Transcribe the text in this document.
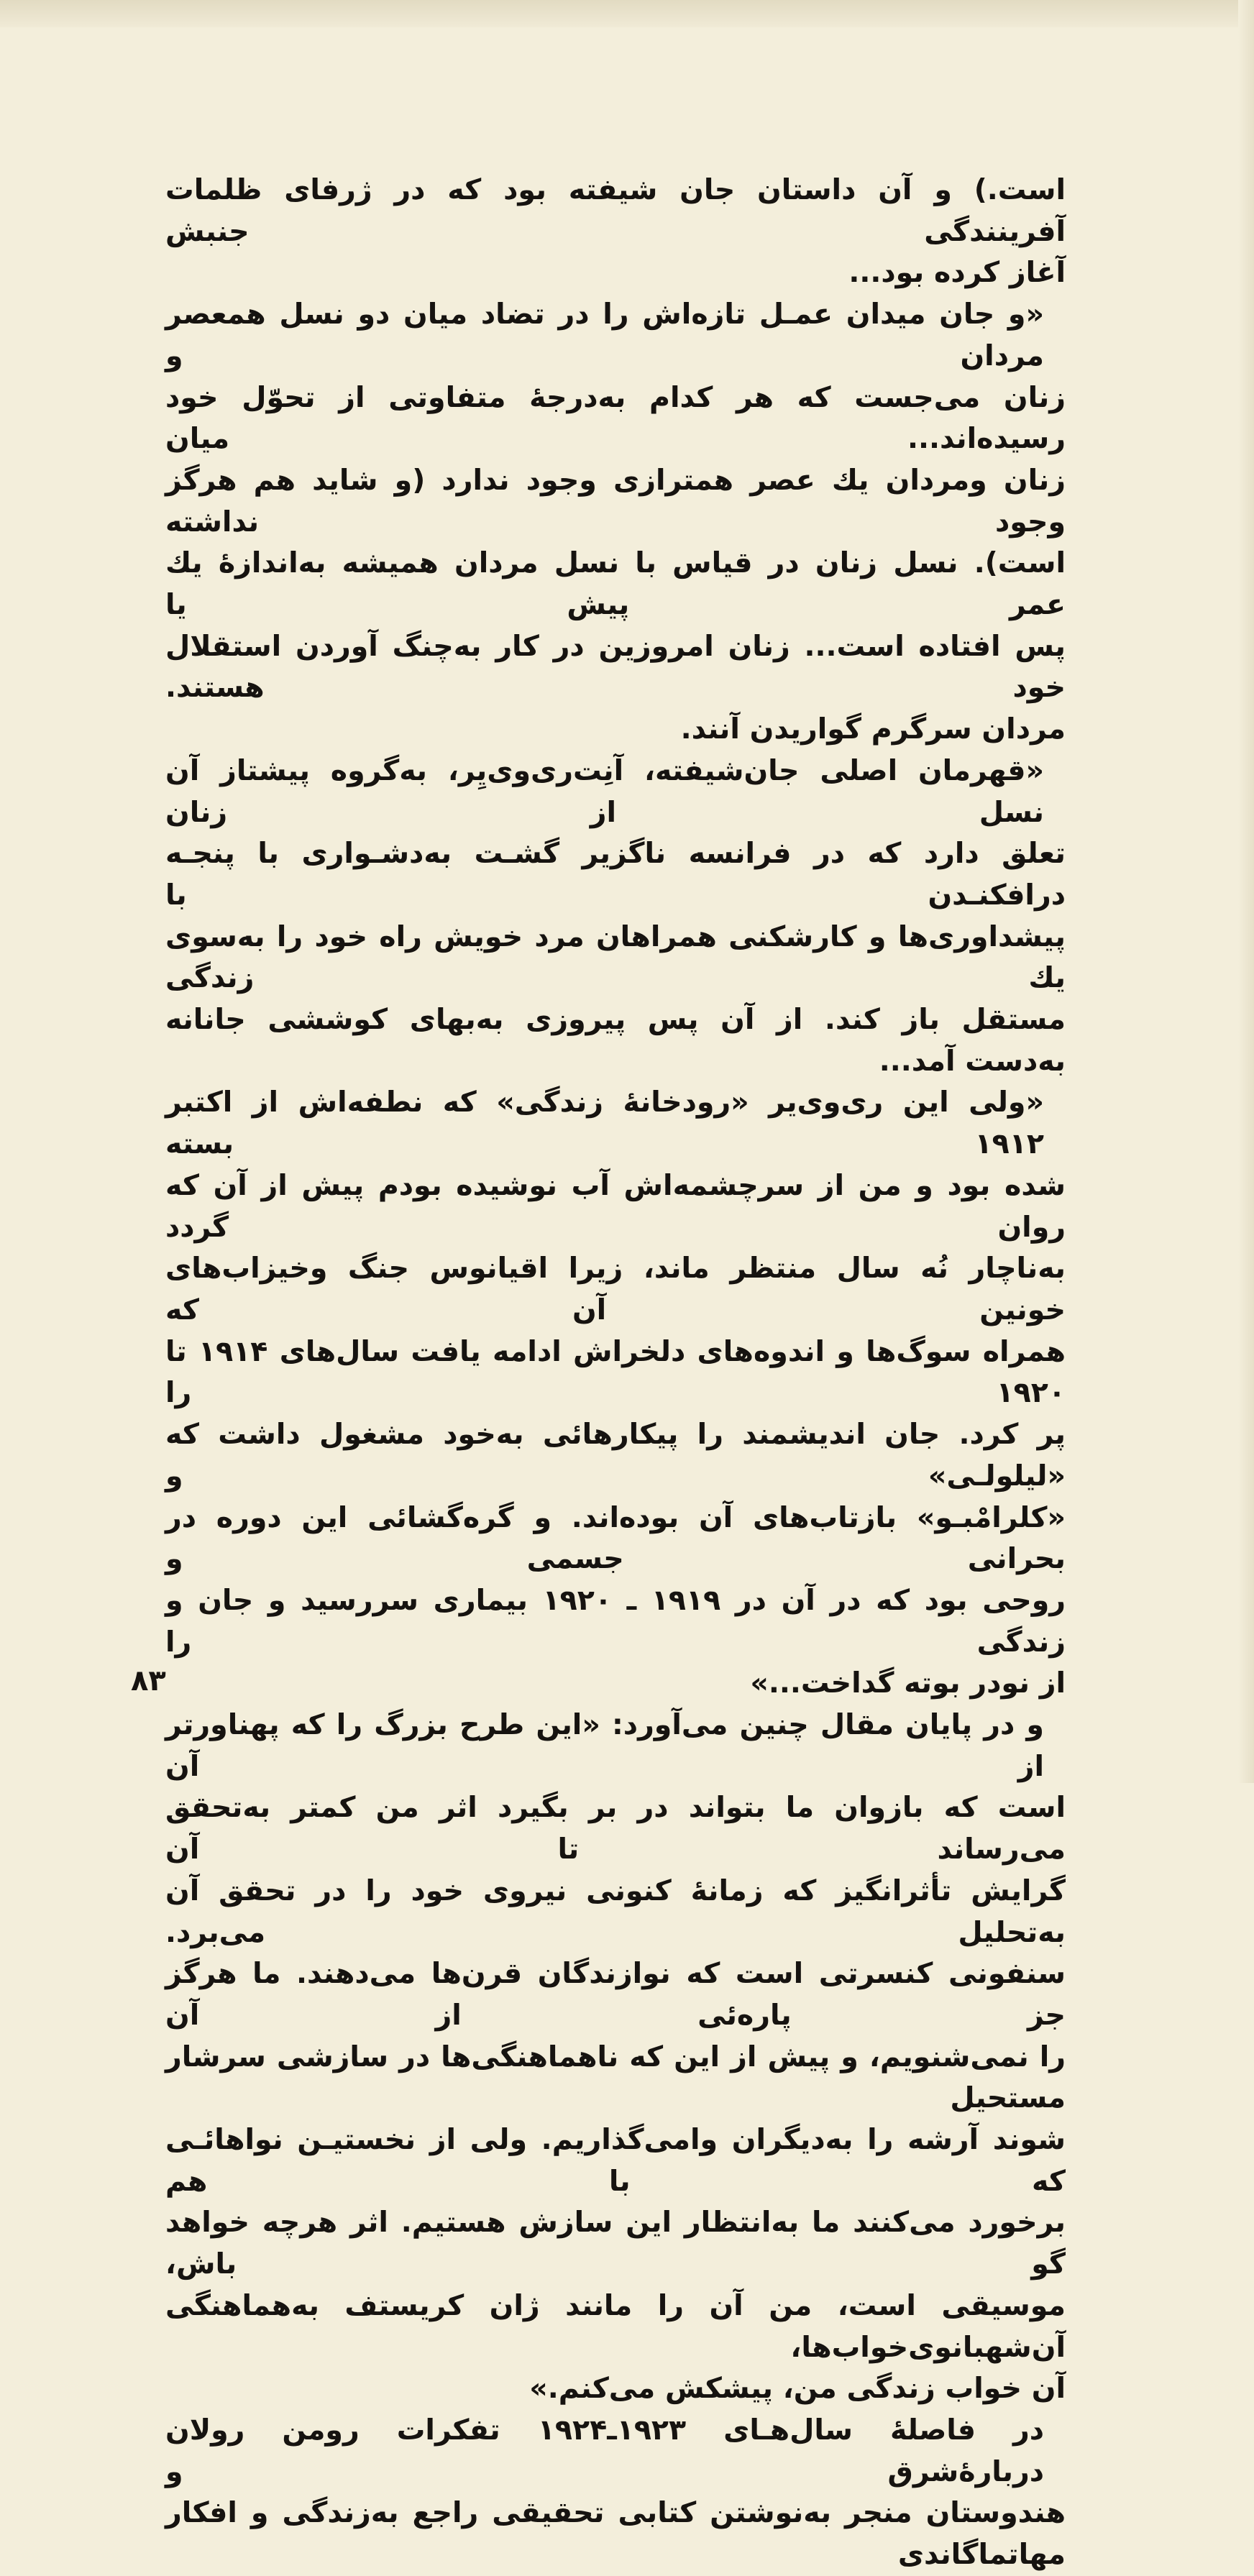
است.) و آن داستان جان شیفته بود که در ژرفای ظلمات آفرینندگی جنبش

آغاز کرده بود...

«و جان میدان عمـل تازه‌اش را در تضاد میان دو نسل همعصر مردان و

زنان می‌جست که هر کدام به‌درجهٔ متفاوتی از تحوّل خود رسیده‌اند... میان

زنان ومردان یك عصر همترازی وجود ندارد (و شاید هم هرگز وجود نداشته

است). نسل زنان در قیاس با نسل مردان همیشه به‌اندازهٔ یك عمر پیش یا

پس افتاده است... زنان امروزین در کار به‌چنگ آوردن استقلال خود هستند.

مردان سرگرم گواریدن آنند.

«قهرمان اصلی جان‌شیفته، آنِت‌ری‌وی‌یِر، به‌گروه پیشتاز آن نسل از زنان

تعلق دارد که در فرانسه ناگزیر گشـت به‌دشـواری با پنجـه درافکنـدن با

پیشداوری‌ها و کارشکنی همراهان مرد خویش راه خود را به‌سوی یك زندگی

مستقل باز کند. از آن پس پیروزی به‌بهای کوششی جانانه به‌دست آمد...

«ولی این ری‌وی‌یر «رودخانهٔ زندگی» که نطفه‌اش از اکتبر ۱۹۱۲ بسته

شده بود و من از سرچشمه‌اش آب نوشیده بودم پیش از آن که روان گردد

به‌ناچار نُه سال منتظر ماند، زیرا اقیانوس جنگ وخیزاب‌های خونین آن که

همراه سوگ‌ها و اندوه‌های دلخراش ادامه یافت سال‌های ۱۹۱۴ تا ۱۹۲۰ را

پر کرد. جان اندیشمند را پیکارهائی به‌خود مشغول داشت که «لیلولـی» و

«کلرامْبـو» بازتاب‌های آن بوده‌اند. و گره‌گشائی این دوره در بحرانی جسمی و

روحی بود که در آن در ۱۹۱۹ ـ ۱۹۲۰ بیماری سررسید و جان و زندگی را

از نودر بوته گداخت...»

و در پایان مقال چنین می‌آورد: «این طرح بزرگ را که پهناورتر از آن

است که بازوان ما بتواند در بر بگیرد اثر من کمتر به‌تحقق می‌رساند تا آن

گرایش تأثرانگیز که زمانهٔ کنونی نیروی خود را در تحقق آن به‌تحلیل می‌برد.

سنفونی کنسرتی است که نوازندگان قرن‌ها می‌دهند. ما هرگز جز پاره‌ئی از آن

را نمی‌شنویم، و پیش از این که ناهماهنگی‌ها در سازشی سرشار مستحیل

شوند آرشه را به‌دیگران وامی‌گذاریم. ولی از نخستیـن نواهائـی که با هم

برخورد می‌کنند ما به‌انتظار این سازش هستیم. اثر هرچه خواهد گو باش،

موسیقی است، من آن را مانند ژان کریستف به‌هماهنگی آن‌شهبانوی‌خواب‌ها،

آن خواب زندگی من، پیشکش می‌کنم.»

در فاصلهٔ سال‌هـای ۱۹۲۳ـ۱۹۲۴ تفکرات رومن رولان دربارهٔ‌شرق و

هندوستان منجر به‌نوشتن کتابی تحقیقی راجع به‌زندگی و افکار مهاتماگاندی

۸۳
